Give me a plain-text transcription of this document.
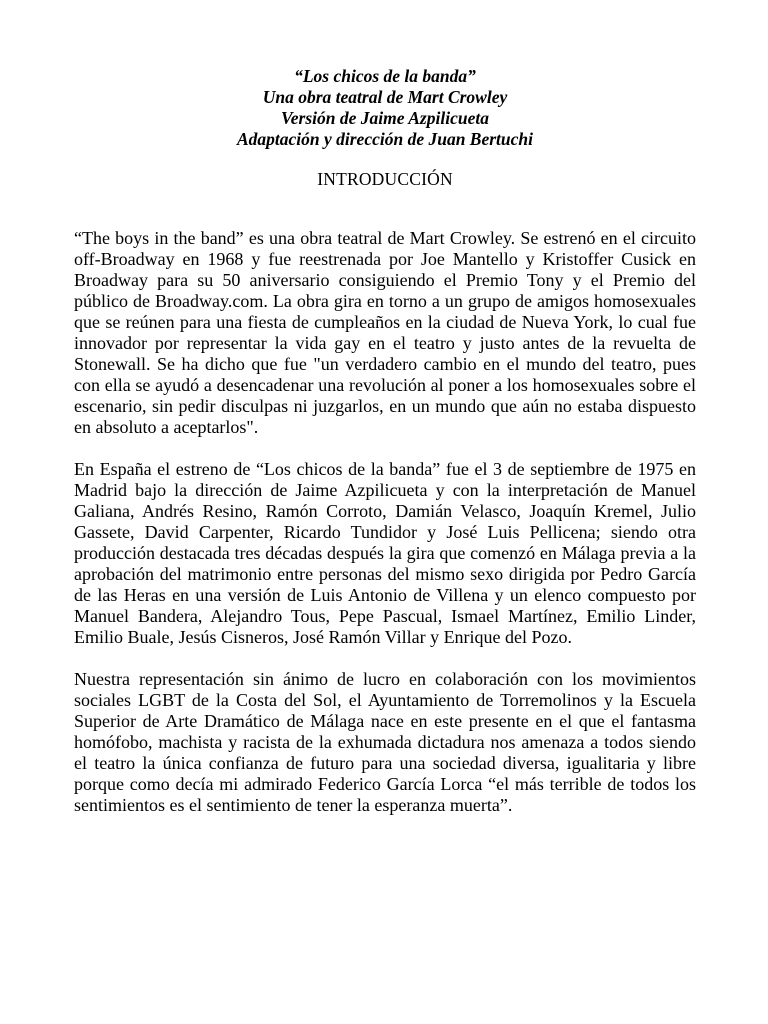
“Los chicos de la banda”
Una obra teatral de Mart Crowley
Versión de Jaime Azpilicueta
Adaptación y dirección de Juan Bertuchi
INTRODUCCIÓN

“The boys in the band” es una obra teatral de Mart Crowley. Se estrenó en el circuito off-Broadway en 1968 y fue reestrenada por Joe Mantello y Kristoffer Cusick en Broadway para su 50 aniversario consiguiendo el Premio Tony y el Premio del público de Broadway.com. La obra gira en torno a un grupo de amigos homosexuales que se reúnen para una fiesta de cumpleaños en la ciudad de Nueva York, lo cual fue innovador por representar la vida gay en el teatro y justo antes de la revuelta de Stonewall. Se ha dicho que fue "un verdadero cambio en el mundo del teatro, pues con ella se ayudó a desencadenar una revolución al poner a los homosexuales sobre el escenario, sin pedir disculpas ni juzgarlos, en un mundo que aún no estaba dispuesto en absoluto a aceptarlos".

En España el estreno de “Los chicos de la banda” fue el 3 de septiembre de 1975 en Madrid bajo la dirección de Jaime Azpilicueta y con la interpretación de Manuel Galiana, Andrés Resino, Ramón Corroto, Damián Velasco, Joaquín Kremel, Julio Gassete, David Carpenter, Ricardo Tundidor y José Luis Pellicena; siendo otra producción destacada tres décadas después la gira que comenzó en Málaga previa a la aprobación del matrimonio entre personas del mismo sexo dirigida por Pedro García de las Heras en una versión de Luis Antonio de Villena y un elenco compuesto por Manuel Bandera, Alejandro Tous, Pepe Pascual, Ismael Martínez, Emilio Linder, Emilio Buale, Jesús Cisneros, José Ramón Villar y Enrique del Pozo.

Nuestra representación sin ánimo de lucro en colaboración con los movimientos sociales LGBT de la Costa del Sol, el Ayuntamiento de Torremolinos y la Escuela Superior de Arte Dramático de Málaga nace en este presente en el que el fantasma homófobo, machista y racista de la exhumada dictadura nos amenaza a todos siendo el teatro la única confianza de futuro para una sociedad diversa, igualitaria y libre porque como decía mi admirado Federico García Lorca “el más terrible de todos los sentimientos es el sentimiento de tener la esperanza muerta”.
